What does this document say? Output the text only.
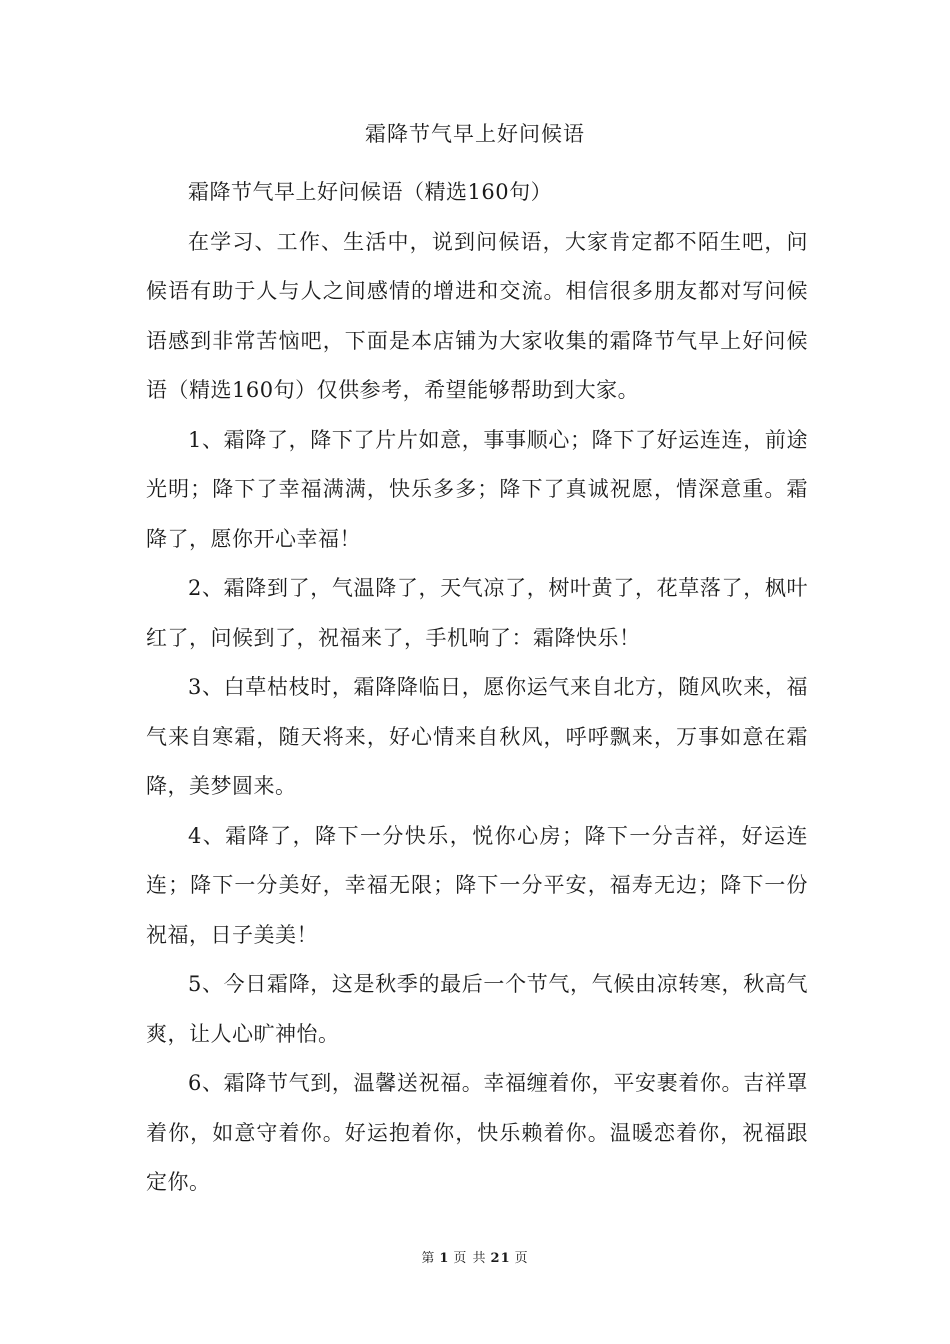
霜降节气早上好问候语

霜降节气早上好问候语（精选160句）

在学习、工作、生活中，说到问候语，大家肯定都不陌生吧，问候语有助于人与人之间感情的增进和交流。相信很多朋友都对写问候语感到非常苦恼吧，下面是本店铺为大家收集的霜降节气早上好问候语（精选160句）仅供参考，希望能够帮助到大家。

1、霜降了，降下了片片如意，事事顺心；降下了好运连连，前途光明；降下了幸福满满，快乐多多；降下了真诚祝愿，情深意重。霜降了，愿你开心幸福！

2、霜降到了，气温降了，天气凉了，树叶黄了，花草落了，枫叶红了，问候到了，祝福来了，手机响了：霜降快乐！

3、白草枯枝时，霜降降临日，愿你运气来自北方，随风吹来，福气来自寒霜，随天将来，好心情来自秋风，呼呼飘来，万事如意在霜降，美梦圆来。

4、霜降了，降下一分快乐，悦你心房；降下一分吉祥，好运连连；降下一分美好，幸福无限；降下一分平安，福寿无边；降下一份祝福，日子美美！

5、今日霜降，这是秋季的最后一个节气，气候由凉转寒，秋高气爽，让人心旷神怡。

6、霜降节气到，温馨送祝福。幸福缠着你，平安裹着你。吉祥罩着你，如意守着你。好运抱着你，快乐赖着你。温暖恋着你，祝福跟定你。

第 1 页 共 21 页
